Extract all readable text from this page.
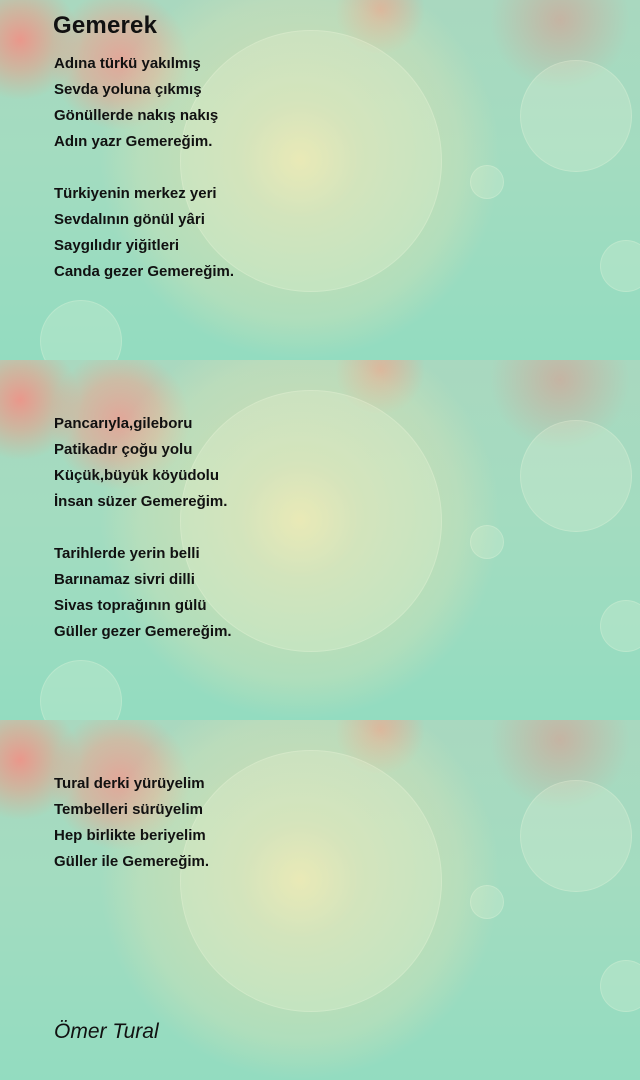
Gemerek
Adına türkü yakılmış
Sevda yoluna çıkmış
Gönüllerde nakış nakış
Adın yazr Gemereğim.
Türkiyenin merkez yeri
Sevdalının gönül yâri
Saygılıdır yiğitleri
Canda gezer Gemereğim.
Pancarıyla,gileboru
Patikadır çoğu yolu
Küçük,büyük köyüdolu
İnsan süzer Gemereğim.
Tarihlerde yerin belli
Barınamaz sivri dilli
Sivas toprağının gülü
Güller gezer Gemereğim.
Tural derki yürüyelim
Tembelleri sürüyelim
Hep birlikte beriyelim
Güller ile Gemereğim.
Ömer Tural
